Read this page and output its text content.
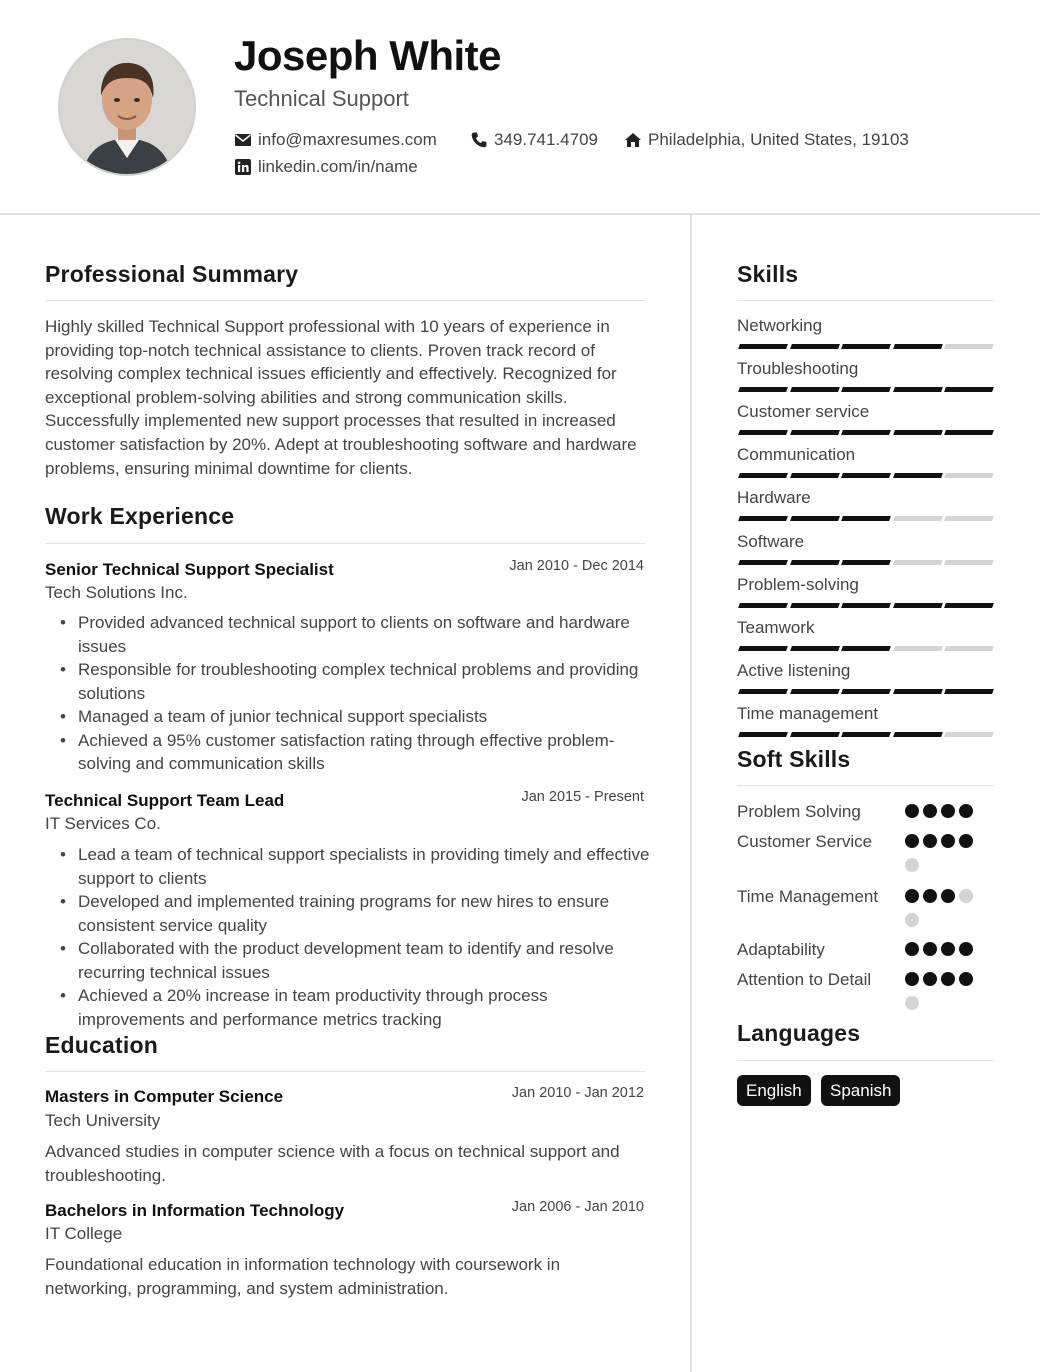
Joseph White
Technical Support
info@maxresumes.com	349.741.4709	Philadelphia, United States, 19103
linkedin.com/in/name
Professional Summary
Highly skilled Technical Support professional with 10 years of experience in providing top-notch technical assistance to clients. Proven track record of resolving complex technical issues efficiently and effectively. Recognized for exceptional problem-solving abilities and strong communication skills. Successfully implemented new support processes that resulted in increased customer satisfaction by 20%. Adept at troubleshooting software and hardware problems, ensuring minimal downtime for clients.
Work Experience
Senior Technical Support Specialist	Jan 2010 - Dec 2014
Tech Solutions Inc.
• Provided advanced technical support to clients on software and hardware issues
• Responsible for troubleshooting complex technical problems and providing solutions
• Managed a team of junior technical support specialists
• Achieved a 95% customer satisfaction rating through effective problem-solving and communication skills
Technical Support Team Lead	Jan 2015 - Present
IT Services Co.
• Lead a team of technical support specialists in providing timely and effective support to clients
• Developed and implemented training programs for new hires to ensure consistent service quality
• Collaborated with the product development team to identify and resolve recurring technical issues
• Achieved a 20% increase in team productivity through process improvements and performance metrics tracking
Education
Masters in Computer Science	Jan 2010 - Jan 2012
Tech University
Advanced studies in computer science with a focus on technical support and troubleshooting.
Bachelors in Information Technology	Jan 2006 - Jan 2010
IT College
Foundational education in information technology with coursework in networking, programming, and system administration.
Skills
Networking
Troubleshooting
Customer service
Communication
Hardware
Software
Problem-solving
Teamwork
Active listening
Time management
Soft Skills
Problem Solving
Customer Service
Time Management
Adaptability
Attention to Detail
Languages
English	Spanish
